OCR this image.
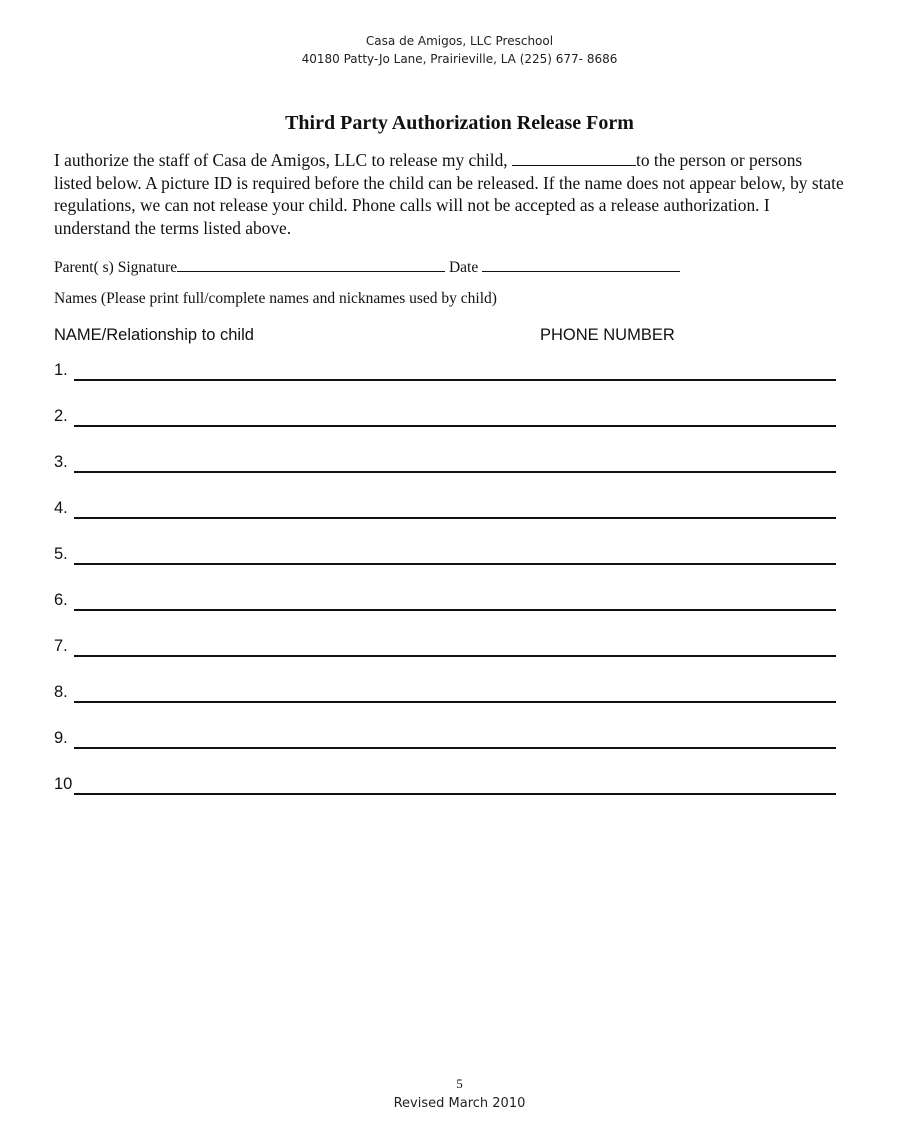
Casa de Amigos, LLC Preschool
40180 Patty-Jo Lane, Prairieville, LA (225) 677- 8686
Third Party Authorization Release Form
I authorize the staff of Casa de Amigos, LLC to release my child,	to the person or persons listed below. A picture ID is required before the child can be released. If the name does not appear below, by state regulations, we can not release your child. Phone calls will not be accepted as a release authorization. I understand the terms listed above.
Parent( s) Signature	Date
Names (Please print full/complete names and nicknames used by child)
NAME/Relationship to child	PHONE NUMBER
1.
2.
3.
4.
5.
6.
7.
8.
9.
10
5
Revised March 2010
